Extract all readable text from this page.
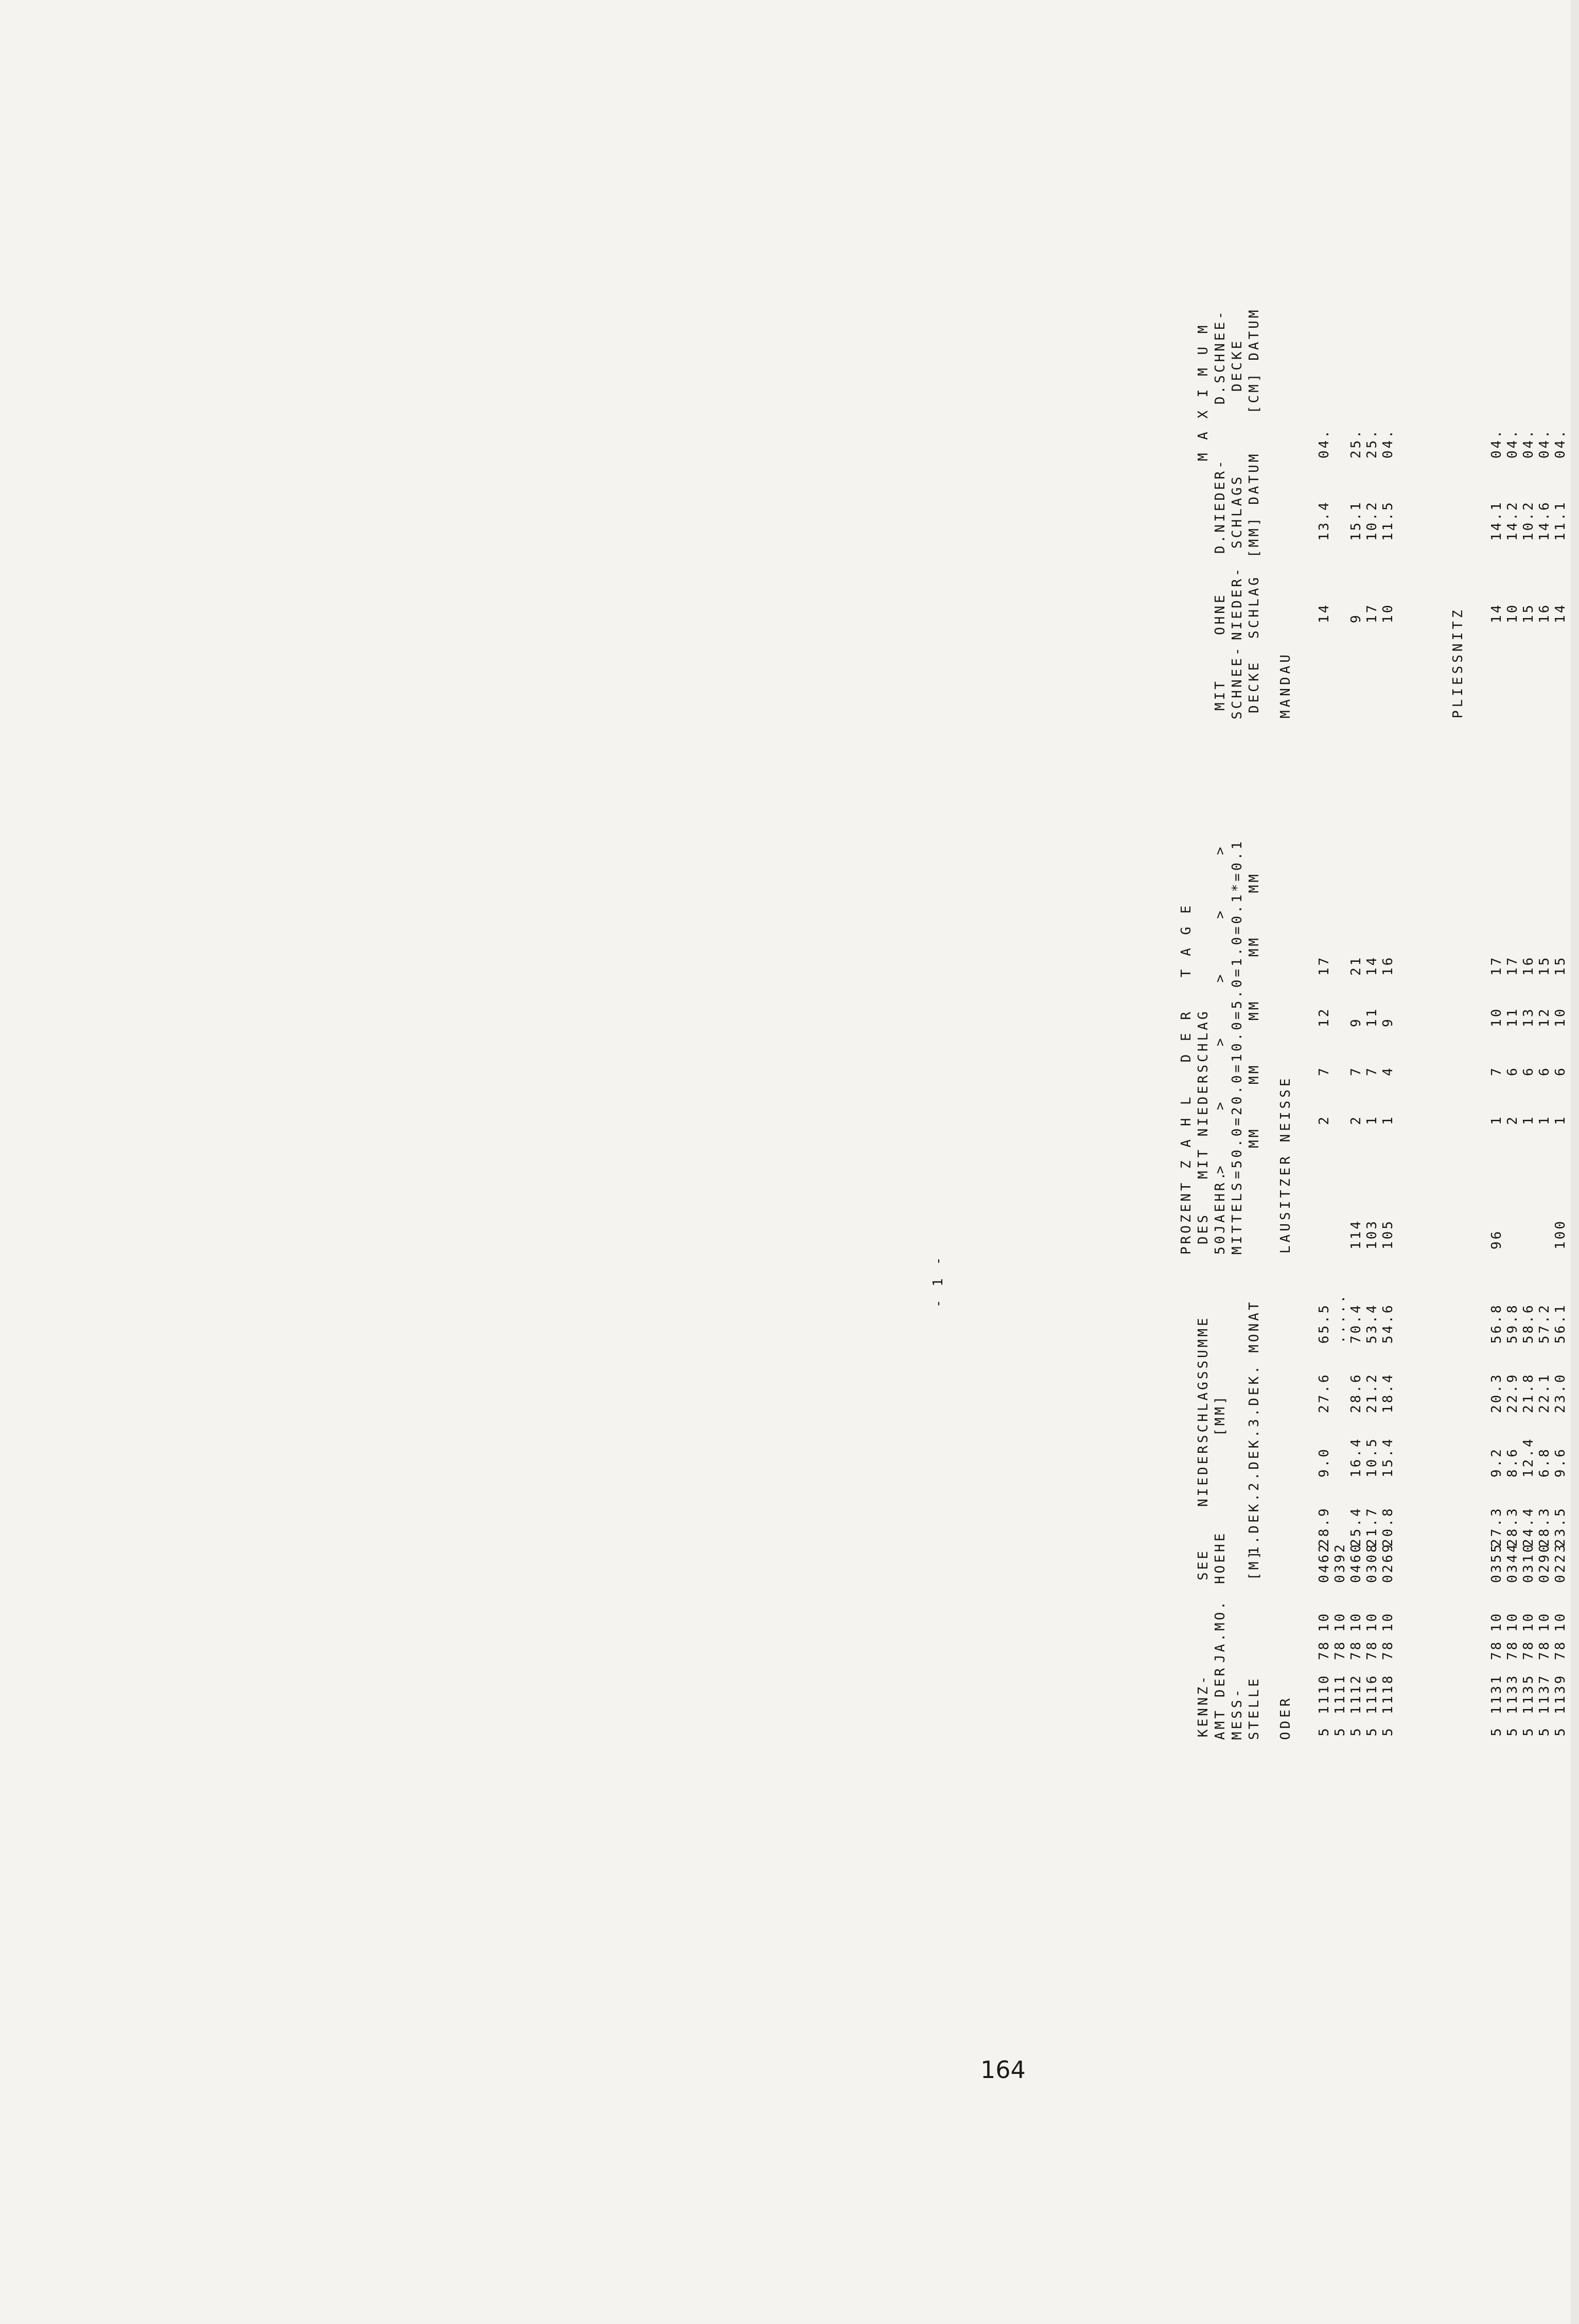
- 1 -
KENNZ- AMT DER MESS- STELLE
JA.MO.
SEE HOEHE [M]
NIEDERSCHLAGSSUMME [MM] 1.DEK.2.DEK.3.DEK. MONAT
PROZENT DES 50JAEHR. MITTELS
Z A H L   D E R   T A G E MIT NIEDERSCHLAG >     >     >     >     >     > =50.0=20.0=10.0=5.0=1.0=0.1*=0.1 MM    MM    MM    MM    MM
MIT SCHNEE- DECKE
OHNE NIEDER- SCHLAG
M A X I M U M
D.NIEDER- SCHLAGS [MM] DATUM
D.SCHNEE- DECKE [CM] DATUM
ODER
LAUSITZER NEISSE
MANDAU
5
1110
78
10
0462
28.9
9.0
27.6
65.5
2
7
12
17
14
13.4
04.
5
1111
78
10
0392
.....
5
1112
78
10
0460
25.4
16.4
28.6
70.4
114
2
7
9
21
9
15.1
25.
5
1116
78
10
0308
21.7
10.5
21.2
53.4
103
1
7
11
14
17
10.2
25.
5
1118
78
10
0269
20.8
15.4
18.4
54.6
105
1
4
9
16
10
11.5
04.
PLIESSNITZ
5
1131
78
10
0355
27.3
9.2
20.3
56.8
96
1
7
10
17
14
14.1
04.
5
1133
78
10
0344
28.3
8.6
22.9
59.8
2
6
11
17
10
14.2
04.
5
1135
78
10
0310
24.4
12.4
21.8
58.6
1
6
13
16
15
10.2
04.
5
1137
78
10
0290
28.3
6.8
22.1
57.2
1
6
12
15
16
14.6
04.
5
1139
78
10
0223
23.5
9.6
23.0
56.1
100
1
6
10
15
14
11.1
04.
164
